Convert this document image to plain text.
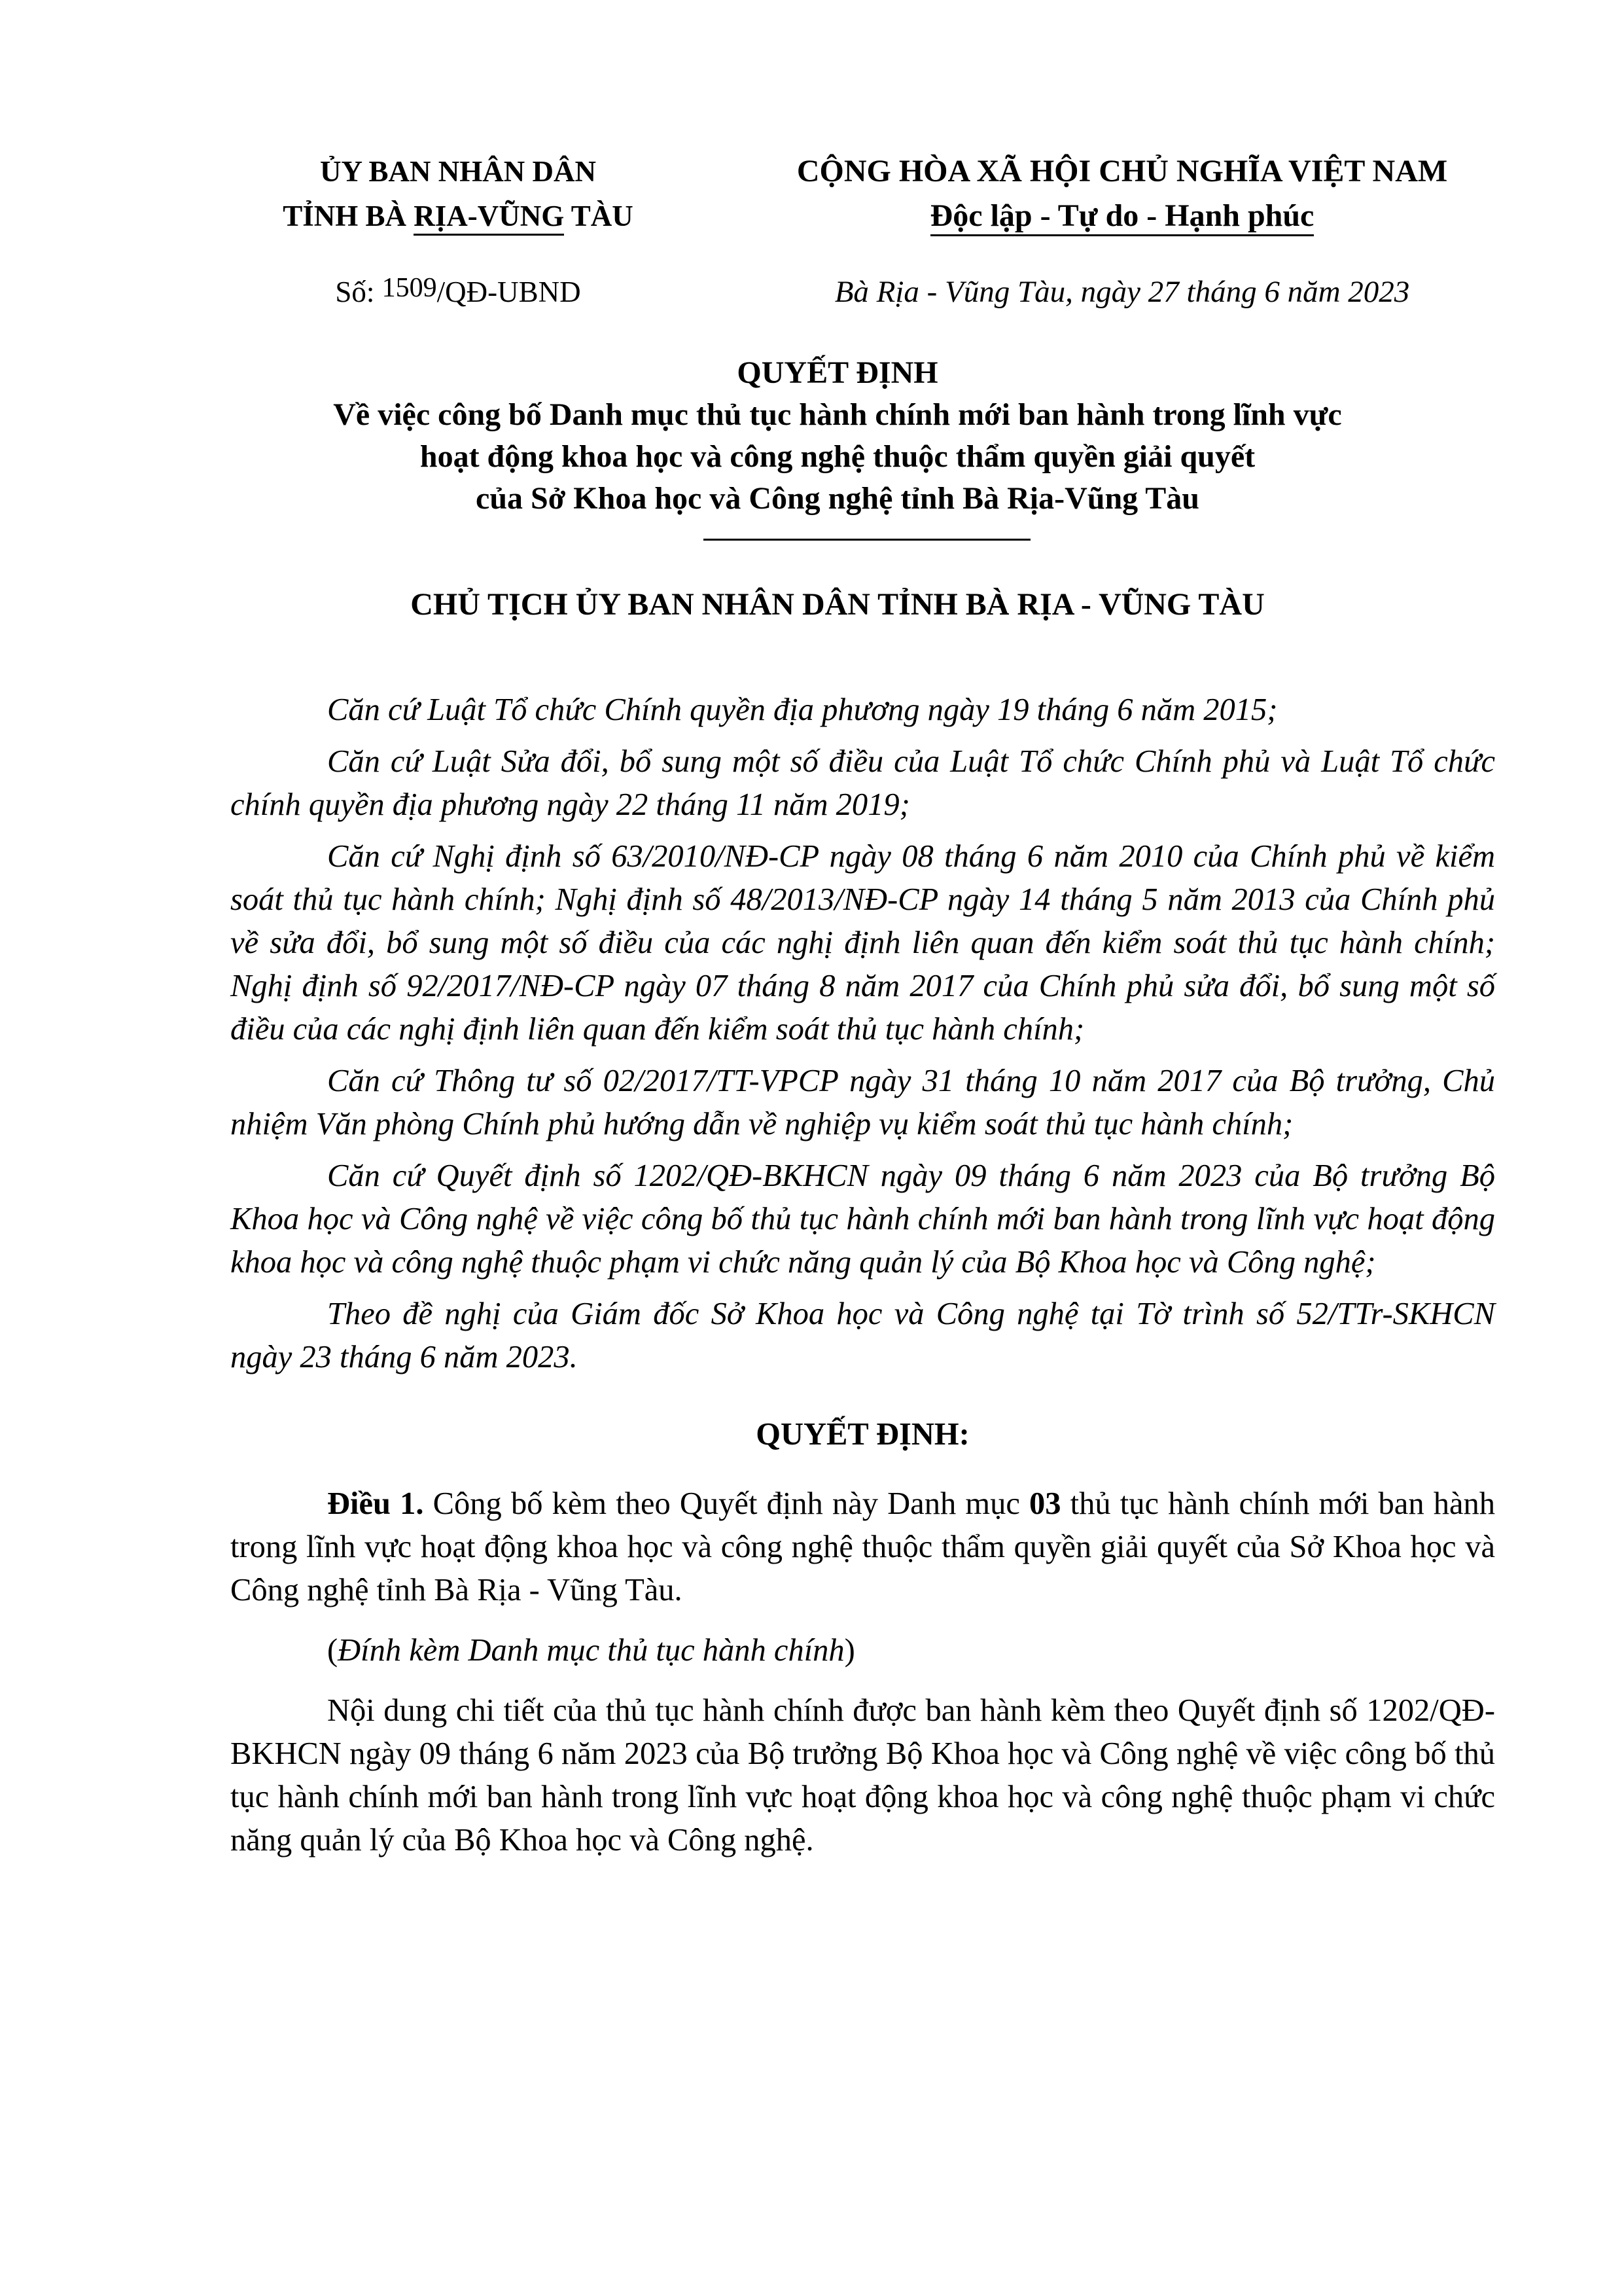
ỦY BAN NHÂN DÂN
TỈNH BÀ RỊA-VŨNG TÀU
CỘNG HÒA XÃ HỘI CHỦ NGHĨA VIỆT NAM
Độc lập - Tự do - Hạnh phúc
Số: 1509/QĐ-UBND	Bà Rịa - Vũng Tàu, ngày 27 tháng 6 năm 2023
QUYẾT ĐỊNH
Về việc công bố Danh mục thủ tục hành chính mới ban hành trong lĩnh vực
hoạt động khoa học và công nghệ thuộc thẩm quyền giải quyết
của Sở Khoa học và Công nghệ tỉnh Bà Rịa-Vũng Tàu
CHỦ TỊCH ỦY BAN NHÂN DÂN TỈNH BÀ RỊA - VŨNG TÀU

Căn cứ Luật Tổ chức Chính quyền địa phương ngày 19 tháng 6 năm 2015;

Căn cứ Luật Sửa đổi, bổ sung một số điều của Luật Tổ chức Chính phủ và Luật Tổ chức chính quyền địa phương ngày 22 tháng 11 năm 2019;

Căn cứ Nghị định số 63/2010/NĐ-CP ngày 08 tháng 6 năm 2010 của Chính phủ về kiểm soát thủ tục hành chính; Nghị định số 48/2013/NĐ-CP ngày 14 tháng 5 năm 2013 của Chính phủ về sửa đổi, bổ sung một số điều của các nghị định liên quan đến kiểm soát thủ tục hành chính; Nghị định số 92/2017/NĐ-CP ngày 07 tháng 8 năm 2017 của Chính phủ sửa đổi, bổ sung một số điều của các nghị định liên quan đến kiểm soát thủ tục hành chính;

Căn cứ Thông tư số 02/2017/TT-VPCP ngày 31 tháng 10 năm 2017 của Bộ trưởng, Chủ nhiệm Văn phòng Chính phủ hướng dẫn về nghiệp vụ kiểm soát thủ tục hành chính;

Căn cứ Quyết định số 1202/QĐ-BKHCN ngày 09 tháng 6 năm 2023 của Bộ trưởng Bộ Khoa học và Công nghệ về việc công bố thủ tục hành chính mới ban hành trong lĩnh vực hoạt động khoa học và công nghệ thuộc phạm vi chức năng quản lý của Bộ Khoa học và Công nghệ;

Theo đề nghị của Giám đốc Sở Khoa học và Công nghệ tại Tờ trình số 52/TTr-SKHCN ngày 23 tháng 6 năm 2023.

QUYẾT ĐỊNH:

Điều 1. Công bố kèm theo Quyết định này Danh mục 03 thủ tục hành chính mới ban hành trong lĩnh vực hoạt động khoa học và công nghệ thuộc thẩm quyền giải quyết của Sở Khoa học và Công nghệ tỉnh Bà Rịa - Vũng Tàu.

(Đính kèm Danh mục thủ tục hành chính)

Nội dung chi tiết của thủ tục hành chính được ban hành kèm theo Quyết định số 1202/QĐ-BKHCN ngày 09 tháng 6 năm 2023 của Bộ trưởng Bộ Khoa học và Công nghệ về việc công bố thủ tục hành chính mới ban hành trong lĩnh vực hoạt động khoa học và công nghệ thuộc phạm vi chức năng quản lý của Bộ Khoa học và Công nghệ.
